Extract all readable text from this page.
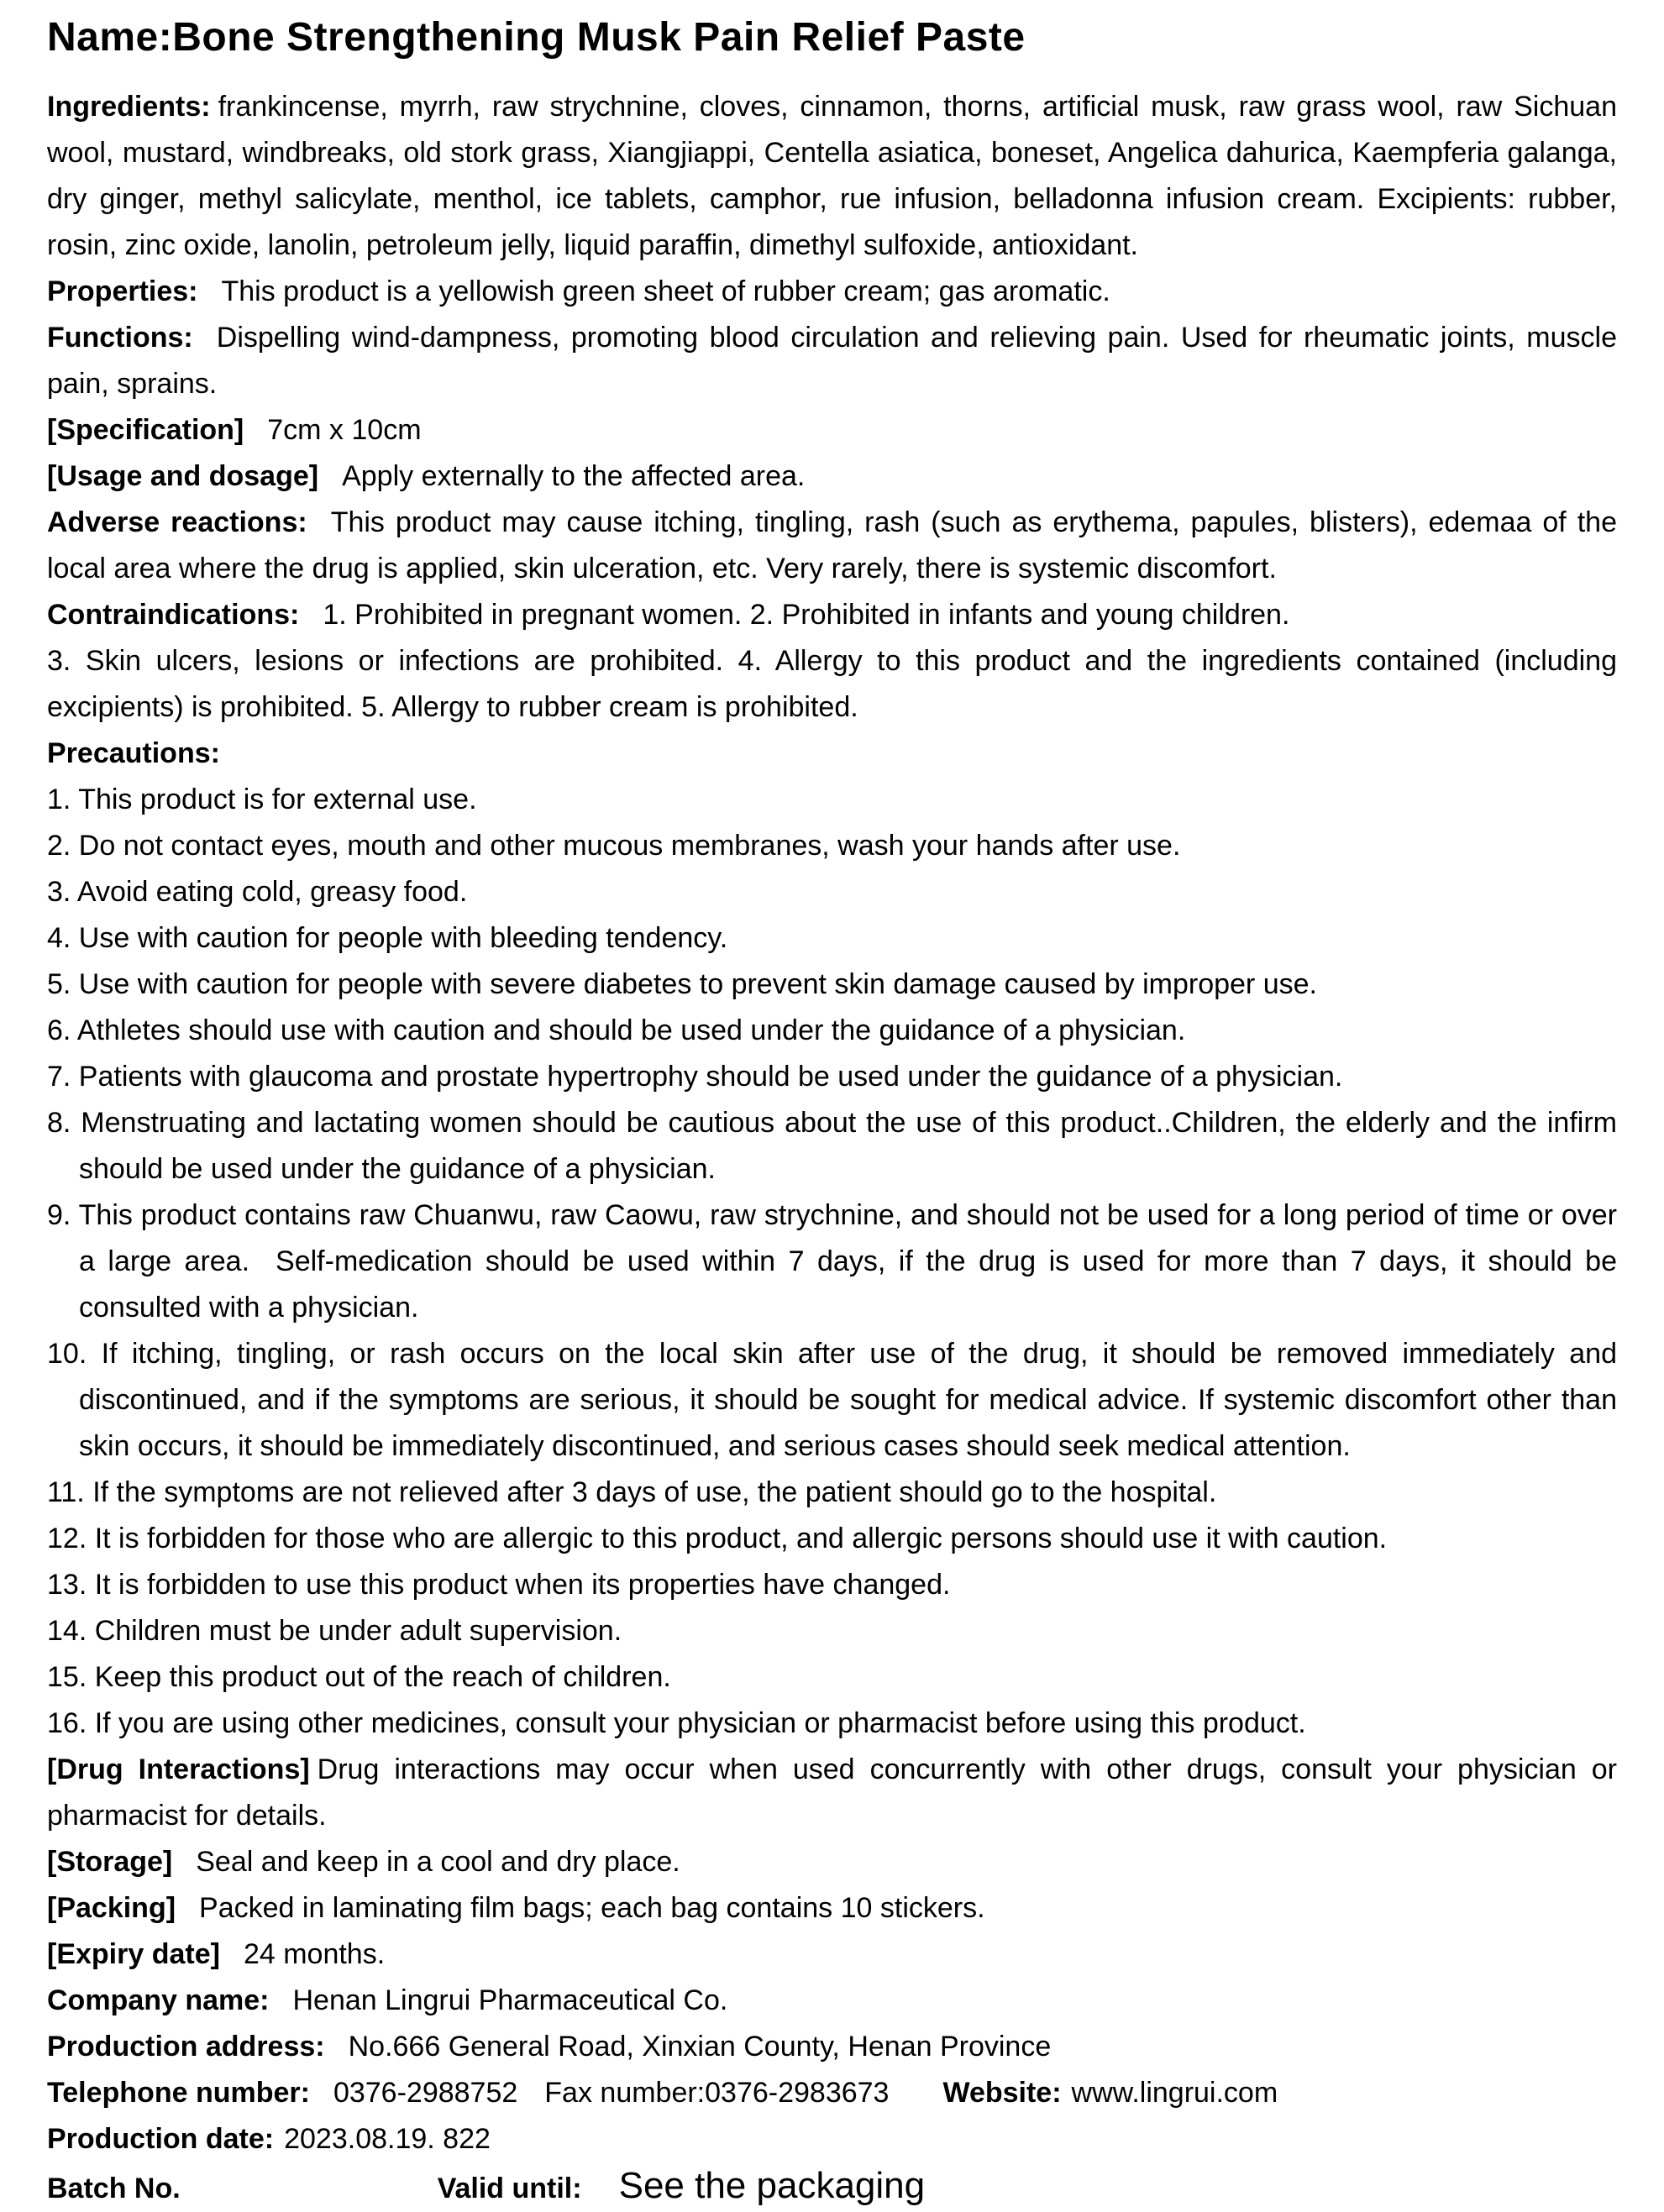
Name:Bone Strengthening Musk Pain Relief Paste

Ingredients: frankincense, myrrh, raw strychnine, cloves, cinnamon, thorns, artificial musk, raw grass wool, raw Sichuan wool, mustard, windbreaks, old stork grass, Xiangjiappi, Centella asiatica, boneset, Angelica dahurica, Kaempferia galanga, dry ginger, methyl salicylate, menthol, ice tablets, camphor, rue infusion, belladonna infusion cream. Excipients: rubber, rosin, zinc oxide, lanolin, petroleum jelly, liquid paraffin, dimethyl sulfoxide, antioxidant.

Properties: This product is a yellowish green sheet of rubber cream; gas aromatic.

Functions: Dispelling wind-dampness, promoting blood circulation and relieving pain. Used for rheumatic joints, muscle pain, sprains.

[Specification] 7cm x 10cm

[Usage and dosage] Apply externally to the affected area.

Adverse reactions: This product may cause itching, tingling, rash (such as erythema, papules, blisters), edemaa of the local area where the drug is applied, skin ulceration, etc. Very rarely, there is systemic discomfort.

Contraindications: 1. Prohibited in pregnant women. 2. Prohibited in infants and young children.

3. Skin ulcers, lesions or infections are prohibited. 4. Allergy to this product and the ingredients contained (including excipients) is prohibited. 5. Allergy to rubber cream is prohibited.

Precautions:

1. This product is for external use.

2. Do not contact eyes, mouth and other mucous membranes, wash your hands after use.

3. Avoid eating cold, greasy food.

4. Use with caution for people with bleeding tendency.

5. Use with caution for people with severe diabetes to prevent skin damage caused by improper use.

6. Athletes should use with caution and should be used under the guidance of a physician.

7. Patients with glaucoma and prostate hypertrophy should be used under the guidance of a physician.

8. Menstruating and lactating women should be cautious about the use of this product..Children, the elderly and the infirm should be used under the guidance of a physician.

9. This product contains raw Chuanwu, raw Caowu, raw strychnine, and should not be used for a long period of time or over a large area.  Self-medication should be used within 7 days, if the drug is used for more than 7 days, it should be consulted with a physician.

10. If itching, tingling, or rash occurs on the local skin after use of the drug, it should be removed immediately and discontinued, and if the symptoms are serious, it should be sought for medical advice. If systemic discomfort other than skin occurs, it should be immediately discontinued, and serious cases should seek medical attention.

11. If the symptoms are not relieved after 3 days of use, the patient should go to the hospital.

12. It is forbidden for those who are allergic to this product, and allergic persons should use it with caution.

13. It is forbidden to use this product when its properties have changed.

14. Children must be under adult supervision.

15. Keep this product out of the reach of children.

16. If you are using other medicines, consult your physician or pharmacist before using this product.

[Drug Interactions] Drug interactions may occur when used concurrently with other drugs, consult your physician or pharmacist for details.

[Storage] Seal and keep in a cool and dry place.

[Packing] Packed in laminating film bags; each bag contains 10 stickers.

[Expiry date] 24 months.

Company name: Henan Lingrui Pharmaceutical Co.

Production address: No.666 General Road, Xinxian County, Henan Province

Telephone number: 0376-2988752 Fax number:0376-2983673 Website: www.lingrui.com

Production date: 2023.08.19. 822

Batch No.	Valid until: See the packaging
